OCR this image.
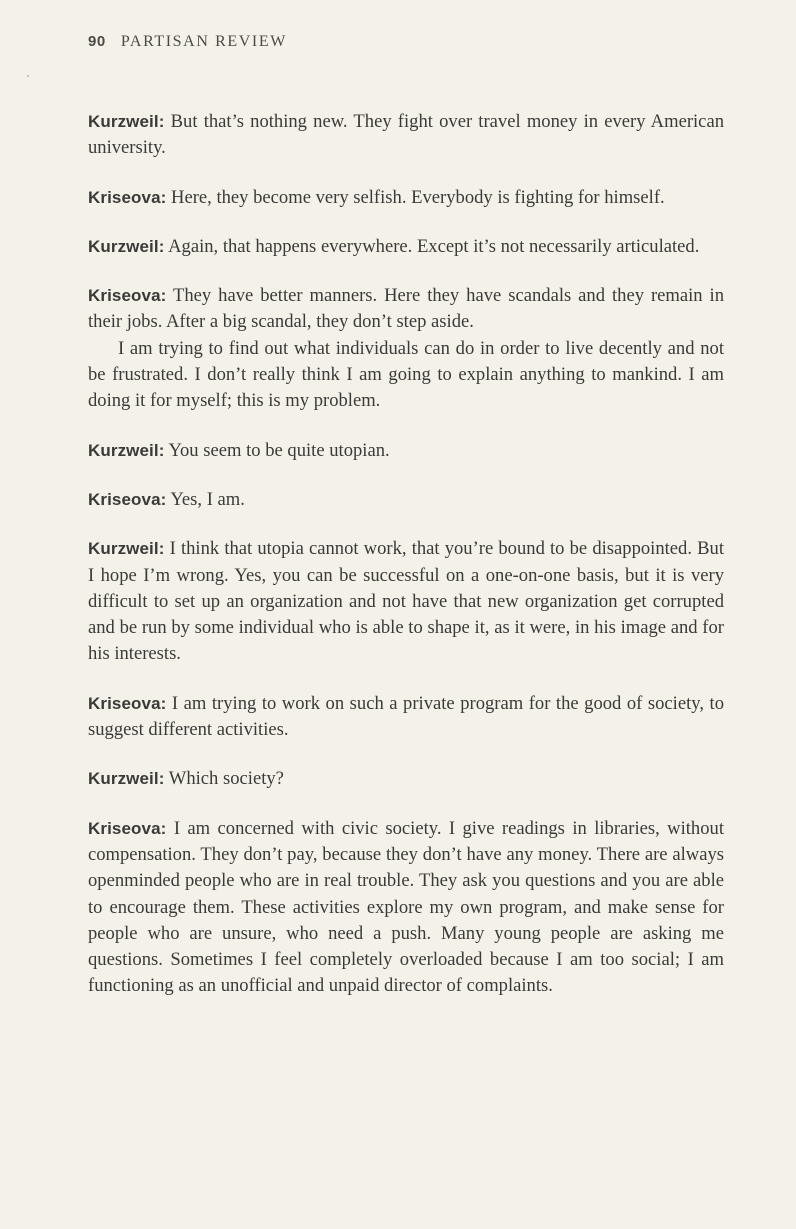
90 PARTISAN REVIEW

Kurzweil: But that’s nothing new. They fight over travel money in every American university.

Kriseova: Here, they become very selfish. Everybody is fighting for himself.

Kurzweil: Again, that happens everywhere. Except it’s not necessarily articulated.

Kriseova: They have better manners. Here they have scandals and they remain in their jobs. After a big scandal, they don’t step aside.

I am trying to find out what individuals can do in order to live decently and not be frustrated. I don’t really think I am going to explain anything to mankind. I am doing it for myself; this is my problem.

Kurzweil: You seem to be quite utopian.

Kriseova: Yes, I am.

Kurzweil: I think that utopia cannot work, that you’re bound to be disappointed. But I hope I’m wrong. Yes, you can be successful on a one-on-one basis, but it is very difficult to set up an organization and not have that new organization get corrupted and be run by some individual who is able to shape it, as it were, in his image and for his interests.

Kriseova: I am trying to work on such a private program for the good of society, to suggest different activities.

Kurzweil: Which society?

Kriseova: I am concerned with civic society. I give readings in libraries, without compensation. They don’t pay, because they don’t have any money. There are always openminded people who are in real trouble. They ask you questions and you are able to encourage them. These activities explore my own program, and make sense for people who are unsure, who need a push. Many young people are asking me questions. Sometimes I feel completely overloaded because I am too social; I am functioning as an unofficial and unpaid director of complaints.
